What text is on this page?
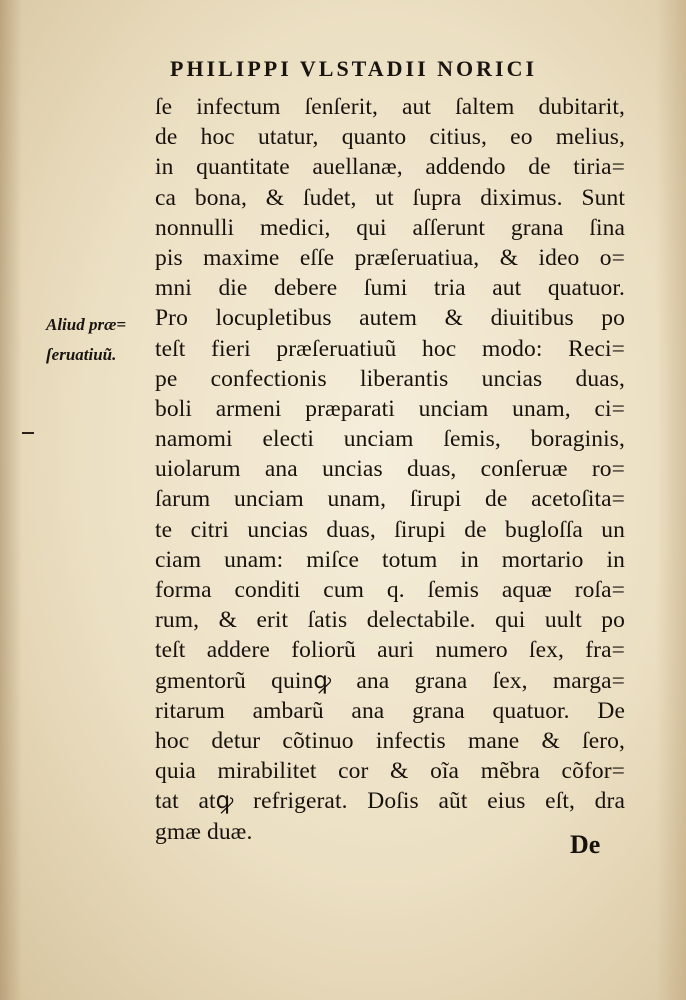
PHILIPPI VLSTADII NORICI
ſe infectum ſenſerit, aut ſaltem dubitarit,
de hoc utatur, quanto citius, eo melius,
in quantitate auellanæ, addendo de tiria=
ca bona, & ſudet, ut ſupra diximus. Sunt
nonnulli medici, qui aſſerunt grana ſina
pis maxime eſſe præſeruatiua, & ideo o=
mni die debere ſumi tria aut quatuor.
Pro locupletibus autem & diuitibus po
teſt fieri præſeruatiuũ hoc modo: Reci=
pe confectionis liberantis uncias duas,
boli armeni præparati unciam unam, ci=
namomi electi unciam ſemis, boraginis,
uiolarum ana uncias duas, conſeruæ ro=
ſarum unciam unam, ſirupi de acetoſita=
te citri uncias duas, ſirupi de bugloſſa un
ciam unam: miſce totum in mortario in
forma conditi cum q. ſemis aquæ roſa=
rum, & erit ſatis delectabile. qui uult po
teſt addere foliorũ auri numero ſex, fra=
gmentorũ quinꝙ ana grana ſex, marga=
ritarum ambarũ ana grana quatuor. De
hoc detur cõtinuo infectis mane & ſero,
quia mirabilitet cor & oĩa mẽbra cõfor=
tat atꝙ refrigerat. Doſis aũt eius eſt, dra
gmæ duæ.	De
Aliud præ=
ſeruatiuũ.
